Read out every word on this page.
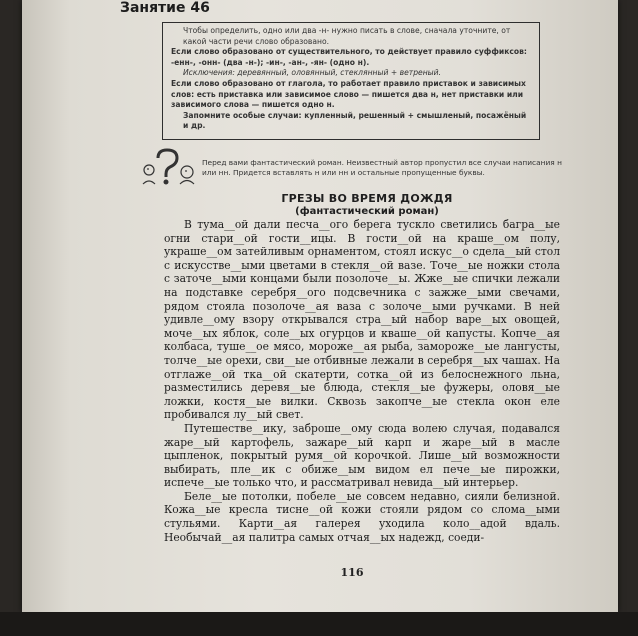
Занятие 46

Чтобы определить, одно или два -н- нужно писать в слове, сначала уточните, от какой части речи слово образовано.

Если слово образовано от существительного, то действует правило суффиксов: -енн-, -онн- (два -н-); -ин-, -ан-, -ян- (одно н).

Исключения: деревянный, оловянный, стеклянный + ветреный.

Если слово образовано от глагола, то работает правило приставок и зависимых слов: есть приставка или зависимое слово — пишется два н, нет приставки или зависимого слова — пишется одно н.

Запомните особые случаи: купленный, решенный + смышленый, посажёный и др.

Перед вами фантастический роман. Неизвестный автор пропустил все случаи написания н или нн. Придется вставлять н или нн и остальные пропущенные буквы.

ГРЕЗЫ ВО ВРЕМЯ ДОЖДЯ
(фантастический роман)

В тума__ой дали песча__ого берега тускло светились багра__ые огни стари__ой гости__ицы. В гости__ой на краше__ом полу, украше__ом затейливым орнаментом, стоял искус__о сдела__ый стол с искусстве__ыми цветами в стекля__ой вазе. Точе__ые ножки стола с заточе__ыми концами были позолоче__ы. Жже__ые спички лежали на подставке серебря__ого подсвечника с зажже__ыми свечами, рядом стояла позолоче__ая ваза с золоче__ыми ручками. В ней удивле__ому взору открывался стра__ый набор варе__ых овощей, моче__ых яблок, соле__ых огурцов и кваше__ой капусты. Копче__ая колбаса, туше__ое мясо, мороже__ая рыба, замороже__ые лангусты, толче__ые орехи, сви__ые отбивные лежали в серебря__ых чашах. На отглаже__ой тка__ой скатерти, сотка__ой из белоснежного льна, разместились деревя__ые блюда, стекля__ые фужеры, оловя__ые ложки, костя__ые вилки. Сквозь закопче__ые стекла окон еле пробивался лу__ый свет.

Путешестве__ику, заброше__ому сюда волею случая, подавался жаре__ый картофель, зажаре__ый карп и жаре__ый в масле цыпленок, покрытый румя__ой корочкой. Лише__ый возможности выбирать, пле__ик с обиже__ым видом ел пече__ые пирожки, испече__ые только что, и рассматривал невида__ый интерьер.

Беле__ые потолки, побеле__ые совсем недавно, сияли белизной. Кожа__ые кресла тисне__ой кожи стояли рядом со слома__ыми стульями. Карти__ая галерея уходила коло__адой вдаль. Необычай__ая палитра самых отчая__ых надежд, соеди-

116
